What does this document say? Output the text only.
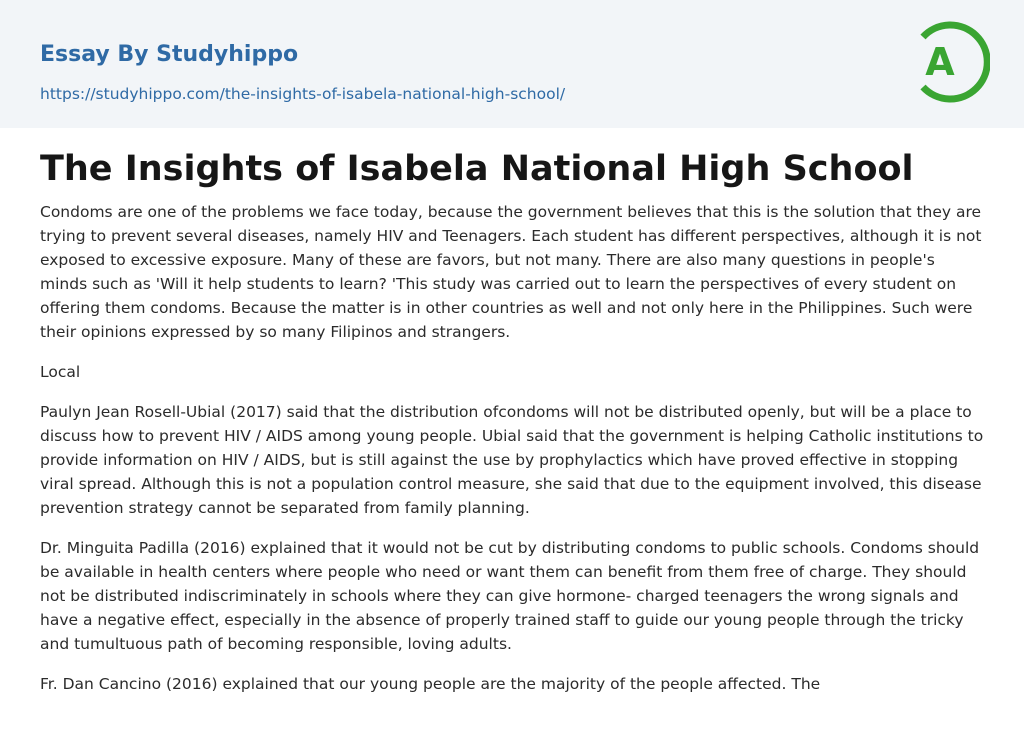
Essay By Studyhippo
https://studyhippo.com/the-insights-of-isabela-national-high-school/
A
The Insights of Isabela National High School

Condoms are one of the problems we face today, because the government believes that this is the solution that they are trying to prevent several diseases, namely HIV and Teenagers. Each student has different perspectives, although it is not exposed to excessive exposure. Many of these are favors, but not many. There are also many questions in people's minds such as 'Will it help students to learn? 'This study was carried out to learn the perspectives of every student on offering them condoms. Because the matter is in other countries as well and not only here in the Philippines. Such were their opinions expressed by so many Filipinos and strangers.

Local

Paulyn Jean Rosell-Ubial (2017) said that the distribution ofcondoms will not be distributed openly, but will be a place to discuss how to prevent HIV / AIDS among young people. Ubial said that the government is helping Catholic institutions to provide information on HIV / AIDS, but is still against the use by prophylactics which have proved effective in stopping viral spread. Although this is not a population control measure, she said that due to the equipment involved, this disease prevention strategy cannot be separated from family planning.

Dr. Minguita Padilla (2016) explained that it would not be cut by distributing condoms to public schools. Condoms should be available in health centers where people who need or want them can benefit from them free of charge. They should not be distributed indiscriminately in schools where they can give hormone- charged teenagers the wrong signals and have a negative effect, especially in the absence of properly trained staff to guide our young people through the tricky and tumultuous path of becoming responsible, loving adults.

Fr. Dan Cancino (2016) explained that our young people are the majority of the people affected. The
